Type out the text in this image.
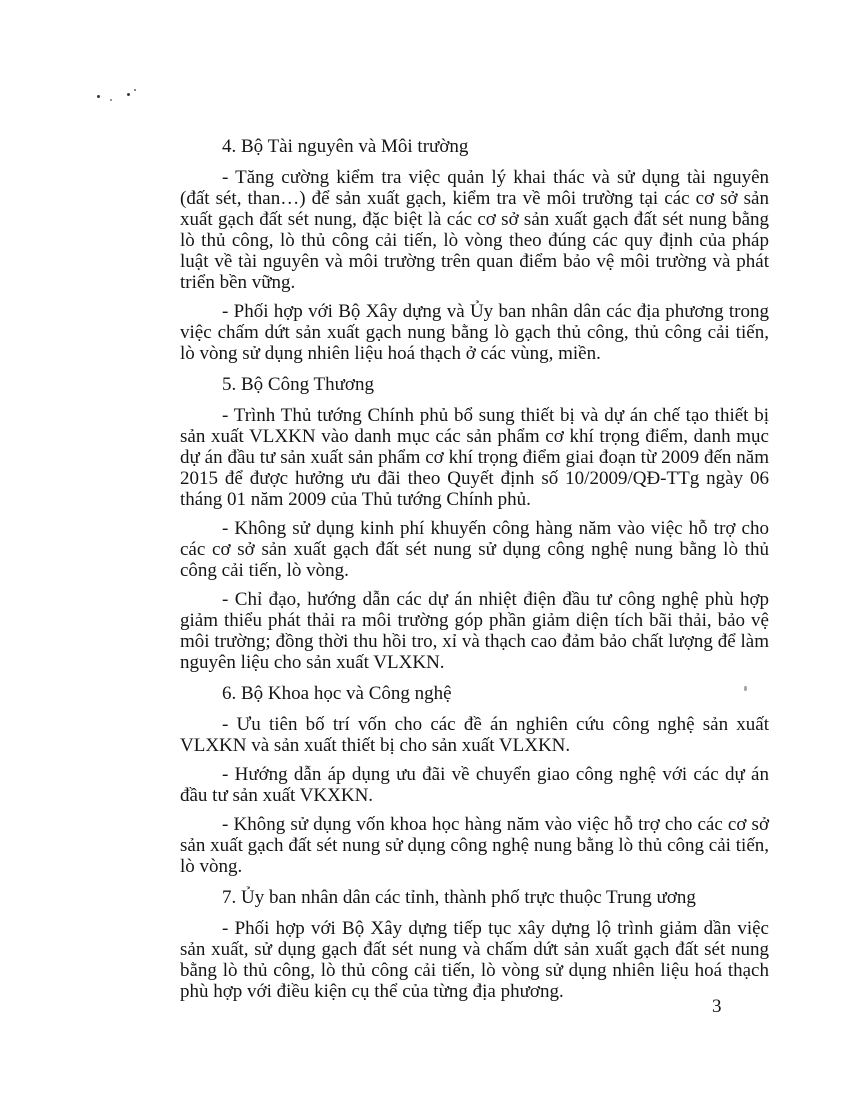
4. Bộ Tài nguyên và Môi trường

- Tăng cường kiểm tra việc quản lý khai thác và sử dụng tài nguyên (đất sét, than…) để sản xuất gạch, kiểm tra về môi trường tại các cơ sở sản xuất gạch đất sét nung, đặc biệt là các cơ sở sản xuất gạch đất sét nung bằng lò thủ công, lò thủ công cải tiến, lò vòng theo đúng các quy định của pháp luật về tài nguyên và môi trường trên quan điểm bảo vệ môi trường và phát triển bền vững.

- Phối hợp với Bộ Xây dựng và Ủy ban nhân dân các địa phương trong việc chấm dứt sản xuất gạch nung bằng lò gạch thủ công, thủ công cải tiến, lò vòng sử dụng nhiên liệu hoá thạch ở các vùng, miền.

5. Bộ Công Thương

- Trình Thủ tướng Chính phủ bổ sung thiết bị và dự án chế tạo thiết bị sản xuất VLXKN vào danh mục các sản phẩm cơ khí trọng điểm, danh mục dự án đầu tư sản xuất sản phẩm cơ khí trọng điểm giai đoạn từ 2009 đến năm 2015 để được hưởng ưu đãi theo Quyết định số 10/2009/QĐ-TTg ngày 06 tháng 01 năm 2009 của Thủ tướng Chính phủ.

- Không sử dụng kinh phí khuyến công hàng năm vào việc hỗ trợ cho các cơ sở sản xuất gạch đất sét nung sử dụng công nghệ nung bằng lò thủ công cải tiến, lò vòng.

- Chỉ đạo, hướng dẫn các dự án nhiệt điện đầu tư công nghệ phù hợp giảm thiểu phát thải ra môi trường góp phần giảm diện tích bãi thải, bảo vệ môi trường; đồng thời thu hồi tro, xỉ và thạch cao đảm bảo chất lượng để làm nguyên liệu cho sản xuất VLXKN.

6. Bộ Khoa học và Công nghệ

- Ưu tiên bố trí vốn cho các đề án nghiên cứu công nghệ sản xuất VLXKN và sản xuất thiết bị cho sản xuất VLXKN.

- Hướng dẫn áp dụng ưu đãi về chuyển giao công nghệ với các dự án đầu tư sản xuất VKXKN.

- Không sử dụng vốn khoa học hàng năm vào việc hỗ trợ cho các cơ sở sản xuất gạch đất sét nung sử dụng công nghệ nung bằng lò thủ công cải tiến, lò vòng.

7. Ủy ban nhân dân các tỉnh, thành phố trực thuộc Trung ương

- Phối hợp với Bộ Xây dựng tiếp tục xây dựng lộ trình giảm dần việc sản xuất, sử dụng gạch đất sét nung và chấm dứt sản xuất gạch đất sét nung bằng lò thủ công, lò thủ công cải tiến, lò vòng sử dụng nhiên liệu hoá thạch phù hợp với điều kiện cụ thể của từng địa phương.

3
